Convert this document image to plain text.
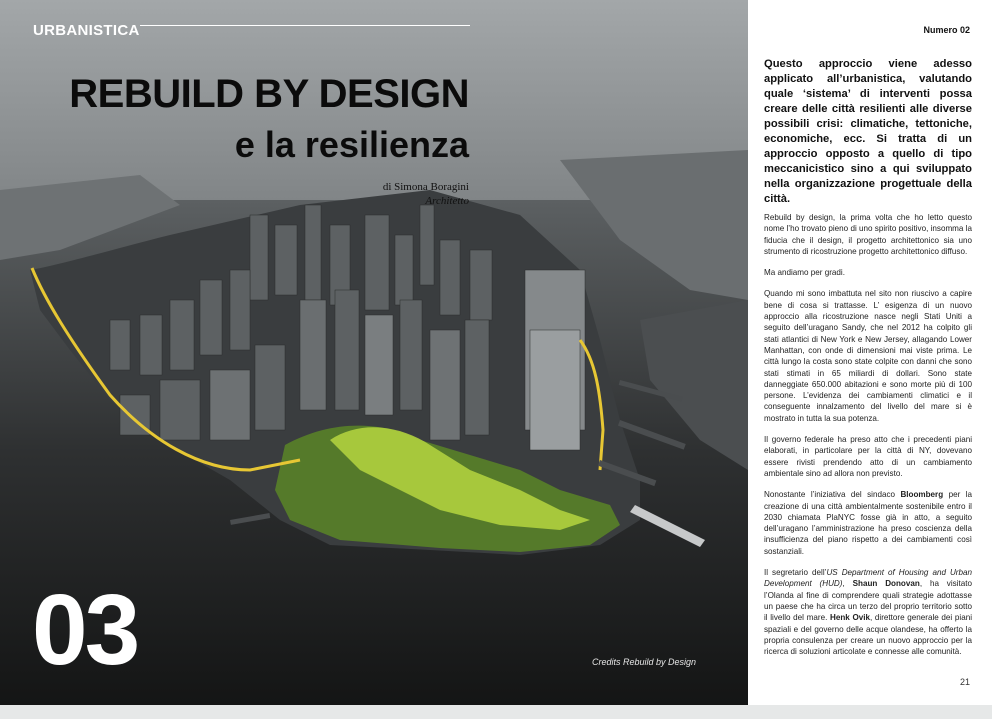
URBANISTICA
REBUILD BY DESIGN
e la resilienza
di Simona Boragini
Architetto
03	Credits Rebuild by Design
Numero 02
Questo approccio viene adesso applicato all’urbanistica, valutando quale ‘sistema’ di interventi possa creare delle città resilienti alle diverse possibili crisi: climatiche, tettoniche, economiche, ecc. Si tratta di un approccio opposto a quello di tipo meccanicistico sino a qui sviluppato nella organizzazione progettuale della città.

Rebuild by design, la prima volta che ho letto questo nome l’ho trovato pieno di uno spirito positivo, insomma la fiducia che il design, il progetto architettonico sia uno strumento di ricostruzione progetto architettonico diffuso.

Ma andiamo per gradi.

Quando mi sono imbattuta nel sito non riuscivo a capire bene di cosa si trattasse. L’ esigenza di un nuovo approccio alla ricostruzione nasce negli Stati Uniti a seguito dell’uragano Sandy, che nel 2012 ha colpito gli stati atlantici di New York e New Jersey, allagando Lower Manhattan, con onde di dimensioni mai viste prima. Le città lungo la costa sono state colpite con danni che sono stati stimati in 65 miliardi di dollari. Sono state danneggiate 650.000 abitazioni e sono morte più di 100 persone. L’evidenza dei cambiamenti climatici e il conseguente innalzamento del livello del mare si è mostrato in tutta la sua potenza.

Il governo federale ha preso atto che i precedenti piani elaborati, in particolare per la città di NY, dovevano essere rivisti prendendo atto di un cambiamento ambientale sino ad allora non previsto.

Nonostante l’iniziativa del sindaco Bloomberg per la creazione di una città ambientalmente sostenibile entro il 2030 chiamata PlaNYC fosse già in atto, a seguito dell’uragano l’amministrazione ha preso coscienza della insufficienza del piano rispetto a dei cambiamenti così sostanziali.

Il segretario dell’US Department of Housing and Urban Development (HUD), Shaun Donovan, ha visitato l’Olanda al fine di comprendere quali strategie adottasse un paese che ha circa un terzo del proprio territorio sotto il livello del mare. Henk Ovik, direttore generale dei piani spaziali e del governo delle acque olandese, ha offerto la propria consulenza per creare un nuovo approccio per la ricerca di soluzioni articolate e connesse alle comunità.

21
